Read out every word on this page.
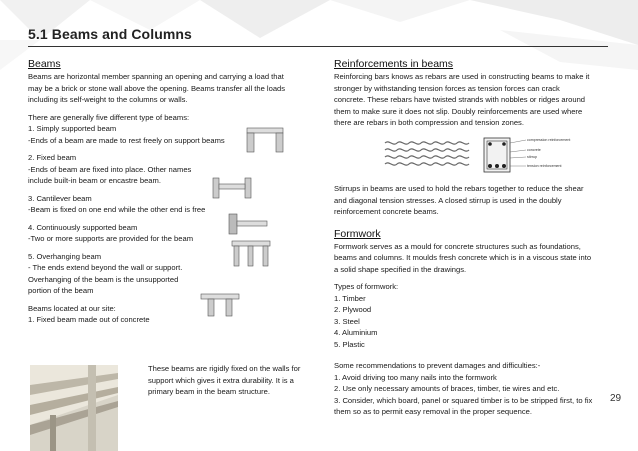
5.1 Beams and Columns

Beams

Beams are horizontal member spanning an opening and carrying a load that

may be a brick or stone wall above the opening. Beams transfer all the loads

including its self-weight to the columns or walls.

There are generally five different type of beams:

1. Simply supported beam

-Ends of a beam are made to rest freely on support beams

2. Fixed beam

-Ends of beam are fixed into place. Other names

include built-in beam or encastre beam.

3. Cantilever beam

-Beam is fixed on one end while the other end is free

4. Continuously supported beam

-Two or more supports are provided for the beam

5. Overhanging beam

- The ends extend beyond the wall or support.

Overhanging of the beam is the unsupported

portion of the beam

Beams located at our site:

1. Fixed beam made out of concrete

These beams are rigidly fixed on the walls for

support which gives it extra durability. It is a

primary beam in the beam structure.

Reinforcements in beams

Reinforcing bars knows as rebars are used in constructing beams to make it

stronger by withstanding tension forces as tension forces can crack

concrete. These rebars have twisted strands with nobbles or ridges around

them to make sure it does not slip. Doubly reinforcements are used where

there are rebars in both compression and tension zones.

compression reinforcement
concrete
stirrup
tension reinforcement

Stirrups in beams are used to hold the rebars together to reduce the shear

and diagonal tension stresses. A closed stirrup is used in the doubly

reinforcement concrete beams.

Formwork

Formwork serves as a mould for concrete structures such as foundations,

beams and columns. It moulds fresh concrete which is in a viscous state into

a solid shape specified in the drawings.

Types of formwork:

1. Timber

2. Plywood

3. Steel

4. Aluminium

5. Plastic

Some recommendations to prevent damages and difficulties:-

1. Avoid driving too many nails into the formwork

2. Use only necessary amounts of braces, timber, tie wires and etc.

3. Consider, which board, panel or squared timber is to be stripped first, to fix

them so as to permit easy removal in the proper sequence.

29
